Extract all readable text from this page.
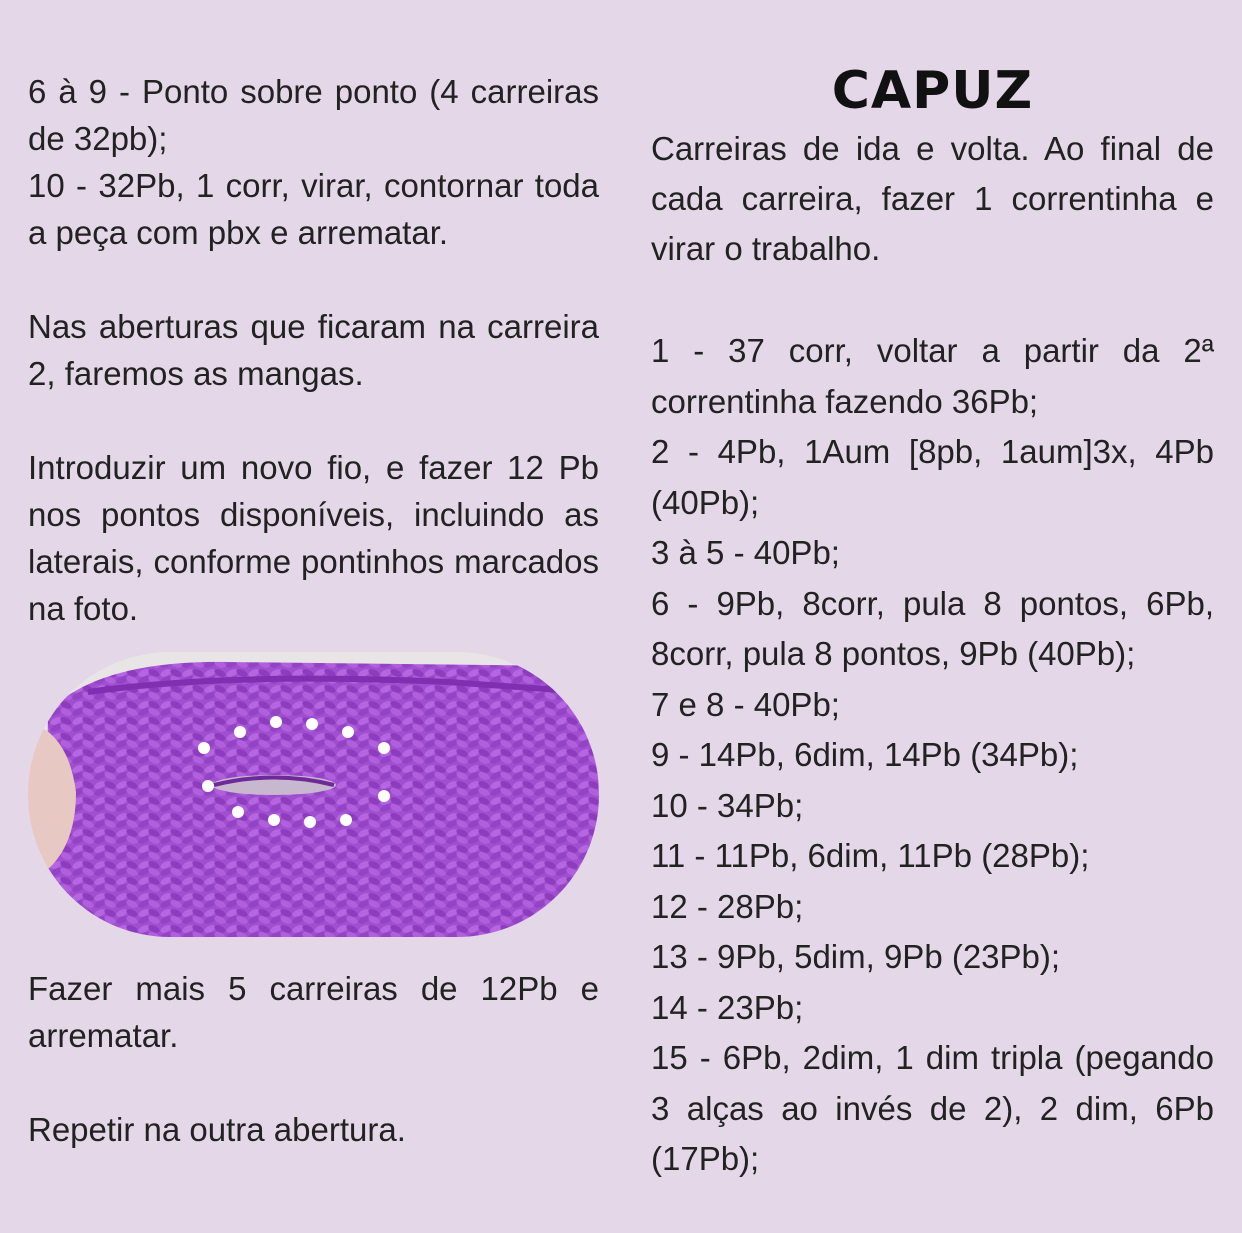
6 à 9 - Ponto sobre ponto (4 carreiras de 32pb);

10 - 32Pb, 1 corr, virar, contornar toda a peça com pbx e arrematar.

Nas aberturas que ficaram na carreira 2, faremos as mangas.

Introduzir um novo fio, e fazer 12 Pb nos pontos disponíveis, incluindo as laterais, conforme pontinhos marcados na foto.

Fazer mais 5 carreiras de 12Pb e arrematar.

Repetir na outra abertura.

CAPUZ

Carreiras de ida e volta. Ao final de cada carreira, fazer 1 correntinha e virar o trabalho.

1 - 37 corr, voltar a partir da 2ª correntinha fazendo 36Pb;

2 - 4Pb, 1Aum [8pb, 1aum]3x, 4Pb (40Pb);

3 à 5 - 40Pb;

6 - 9Pb, 8corr, pula 8 pontos, 6Pb, 8corr, pula 8 pontos, 9Pb (40Pb);

7 e 8 - 40Pb;

9 - 14Pb, 6dim, 14Pb (34Pb);

10 - 34Pb;

11 - 11Pb, 6dim, 11Pb (28Pb);

12 - 28Pb;

13 - 9Pb, 5dim, 9Pb (23Pb);

14 - 23Pb;

15 - 6Pb, 2dim, 1 dim tripla (pegando 3 alças ao invés de 2), 2 dim, 6Pb (17Pb);
